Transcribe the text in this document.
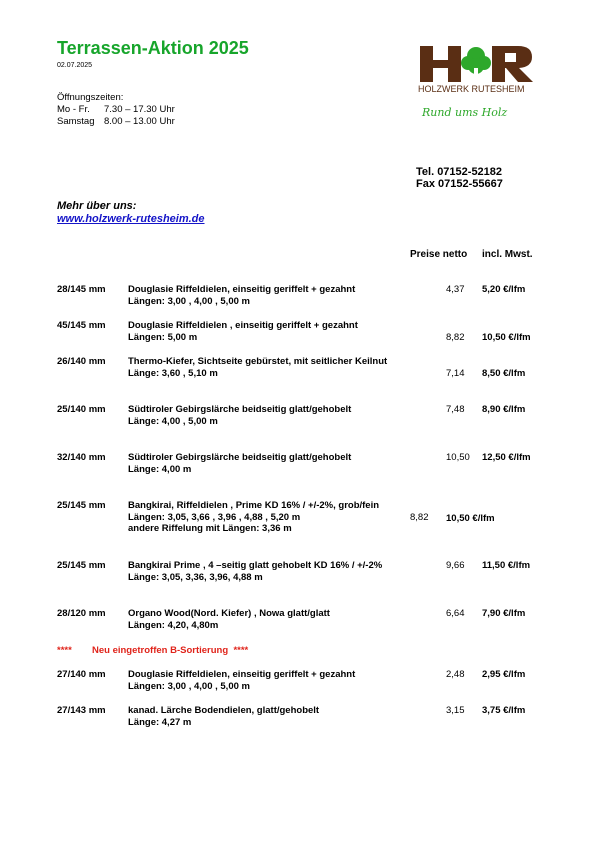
Terrassen-Aktion 2025
02.07.2025
Öffnungszeiten:
Mo - Fr. 7.30 – 17.30 Uhr
Samstag 8.00 – 13.00 Uhr
HOLZWERK RUTESHEIM
Rund ums Holz
Tel. 07152-52182
Fax 07152-55667
Mehr über uns:
www.holzwerk-rutesheim.de
Preise netto incl. Mwst.
28/145 mm Douglasie Riffeldielen, einseitig geriffelt + gezahnt
Längen: 3,00 , 4,00 , 5,00 m
4,37 5,20 €/lfm
45/145 mm Douglasie Riffeldielen , einseitig geriffelt + gezahnt
Längen: 5,00 m	8,82 10,50 €/lfm
26/140 mm Thermo-Kiefer, Sichtseite gebürstet, mit seitlicher Keilnut
Länge: 3,60 , 5,10 m	7,14 8,50 €/lfm
25/140 mm Südtiroler Gebirgslärche beidseitig glatt/gehobelt
Länge: 4,00 , 5,00 m
7,48 8,90 €/lfm
32/140 mm Südtiroler Gebirgslärche beidseitig glatt/gehobelt
Länge: 4,00 m
10,50 12,50 €/lfm
25/145 mm Bangkirai, Riffeldielen , Prime KD 16% / +/-2%, grob/fein
Längen: 3,05, 3,66 , 3,96 , 4,88 , 5,20 m
andere Riffelung mit Längen: 3,36 m
8,82 10,50 €/lfm
25/145 mm Bangkirai Prime , 4 –seitig glatt gehobelt KD 16% / +/-2%
Länge: 3,05, 3,36, 3,96, 4,88 m
9,66 11,50 €/lfm
28/120 mm Organo Wood(Nord. Kiefer) , Nowa glatt/glatt
Längen: 4,20, 4,80m
6,64 7,90 €/lfm
**** Neu eingetroffen B-Sortierung ****
27/140 mm Douglasie Riffeldielen, einseitig geriffelt + gezahnt
Längen: 3,00 , 4,00 , 5,00 m
2,48 2,95 €/lfm
27/143 mm kanad. Lärche Bodendielen, glatt/gehobelt
Länge: 4,27 m
3,15 3,75 €/lfm
